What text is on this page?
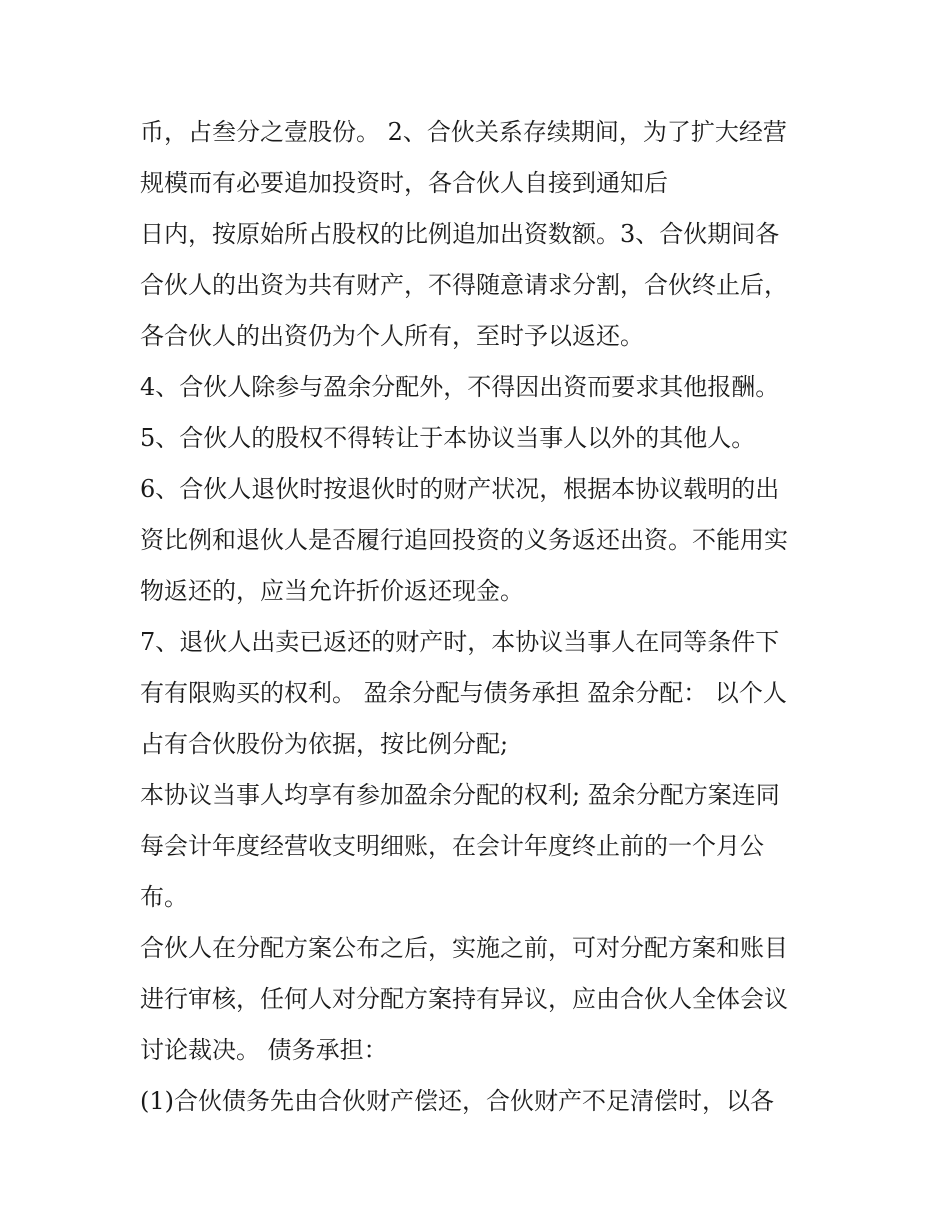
币，占叁分之壹股份。 2、合伙关系存续期间，为了扩大经营
规模而有必要追加投资时，各合伙人自接到通知后
日内，按原始所占股权的比例追加出资数额。3、合伙期间各
合伙人的出资为共有财产，不得随意请求分割，合伙终止后，
各合伙人的出资仍为个人所有，至时予以返还。
4、合伙人除参与盈余分配外，不得因出资而要求其他报酬。
5、合伙人的股权不得转让于本协议当事人以外的其他人。
6、合伙人退伙时按退伙时的财产状况，根据本协议载明的出
资比例和退伙人是否履行追回投资的义务返还出资。不能用实
物返还的，应当允许折价返还现金。
7、退伙人出卖已返还的财产时，本协议当事人在同等条件下
有有限购买的权利。 盈余分配与债务承担 盈余分配： 以个人
占有合伙股份为依据，按比例分配;
本协议当事人均享有参加盈余分配的权利; 盈余分配方案连同
每会计年度经营收支明细账，在会计年度终止前的一个月公
布。
合伙人在分配方案公布之后，实施之前，可对分配方案和账目
进行审核，任何人对分配方案持有异议，应由合伙人全体会议
讨论裁决。 债务承担：
(1)合伙债务先由合伙财产偿还，合伙财产不足清偿时，以各
